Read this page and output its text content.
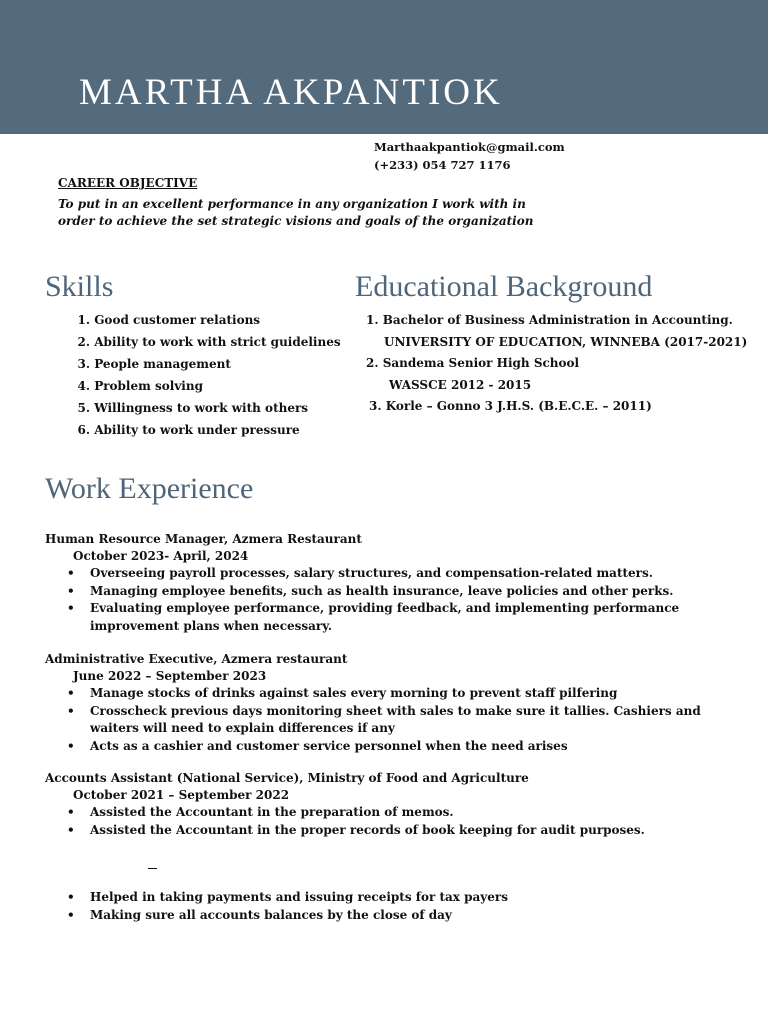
MARTHA AKPANTIOK
Marthaakpantiok@gmail.com
(+233) 054 727 1176
CAREER OBJECTIVE
To put in an excellent performance in any organization I work with in order to achieve the set strategic visions and goals of the organization
Skills
1. Good customer relations
2. Ability to work with strict guidelines
3. People management
4. Problem solving
5. Willingness to work with others
6. Ability to work under pressure
Educational Background
1. Bachelor of Business Administration in Accounting.
UNIVERSITY OF EDUCATION, WINNEBA (2017-2021)
2. Sandema Senior High School
WASSCE 2012 - 2015
3. Korle – Gonno 3 J.H.S. (B.E.C.E. – 2011)
Work Experience
Human Resource Manager, Azmera Restaurant
October 2023- April, 2024
• Overseeing payroll processes, salary structures, and compensation-related matters.
• Managing employee benefits, such as health insurance, leave policies and other perks.
• Evaluating employee performance, providing feedback, and implementing performance improvement plans when necessary.
Administrative Executive, Azmera restaurant
June 2022 – September 2023
• Manage stocks of drinks against sales every morning to prevent staff pilfering
• Crosscheck previous days monitoring sheet with sales to make sure it tallies. Cashiers and waiters will need to explain differences if any
• Acts as a cashier and customer service personnel when the need arises
Accounts Assistant (National Service), Ministry of Food and Agriculture
October 2021 – September 2022
• Assisted the Accountant in the preparation of memos.
• Assisted the Accountant in the proper records of book keeping for audit purposes.
• Helped in taking payments and issuing receipts for tax payers
• Making sure all accounts balances by the close of day
